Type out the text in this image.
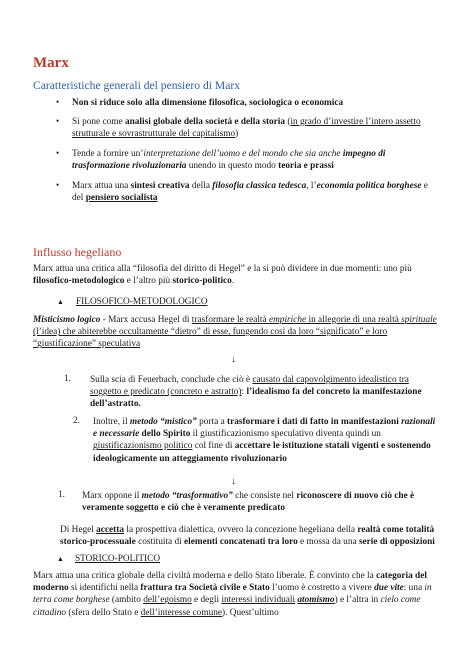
Marx
Caratteristiche generali del pensiero di Marx
• Non si riduce solo alla dimensione filosofica, sociologica o economica
• Si pone come analisi globale della società e della storia (in grado d’investire l’intero assetto strutturale e sovrastrutturale del capitalismo)
• Tende a fornire un’interpretazione dell’uomo e del mondo che sia anche impegno di trasformazione rivoluzionaria unendo in questo modo teoria e prassi
• Marx attua una sintesi creativa della filosofia classica tedesca, l’economia politica borghese e del pensiero socialista
Influsso hegeliano
Marx attua una critica alla “filosofia del diritto di Hegel” e la si può dividere in due momenti: uno più filosofico-metodologico e l’altro più storico-politico.
▲ FILOSOFICO-METODOLOGICO
Misticismo logico - Marx accusa Hegel di trasformare le realtà empiriche in allegorie di una realtà spirituale (l’idea) che abiterebbe occultamente “dietro” di esse, fungendo così da loro “significato” e loro “giustificazione” speculativa
↓
1. Sulla scia di Feuerbach, conclude che ciò è causato dal capovolgimento idealistico tra soggetto e predicato (concreto e astratto): l’idealismo fa del concreto la manifestazione dell’astratto.
2. Inoltre, il metodo “mistico” porta a trasformare i dati di fatto in manifestazioni razionali e necessarie dello Spirito il giustificazionismo speculativo diventa quindi un giustificazionismo politico col fine di accettare le istituzione statali vigenti e sostenendo ideologicamente un atteggiamento rivoluzionario
↓
1. Marx oppone il metodo “trasformativo” che consiste nel riconoscere di nuovo ciò che è veramente soggetto e ciò che è veramente predicato
Di Hegel accetta la prospettiva dialettica, ovvero la concezione hegeliana della realtà come totalità storico-processuale costituita di elementi concatenati tra loro e mossa da una serie di opposizioni
▲ STORICO-POLITICO
Marx attua una critica globale della civiltà moderna e dello Stato liberale. È convinto che la categoria del moderno si identifichi nella frattura tra Società civile e Stato l’uomo è costretto a vivere due vite: una in terra come borghese (ambito dell’egoismo e degli interessi individuali atomismo) e l’altra in cielo come cittadino (sfera dello Stato e dell’interesse comune). Quest’ultimo
